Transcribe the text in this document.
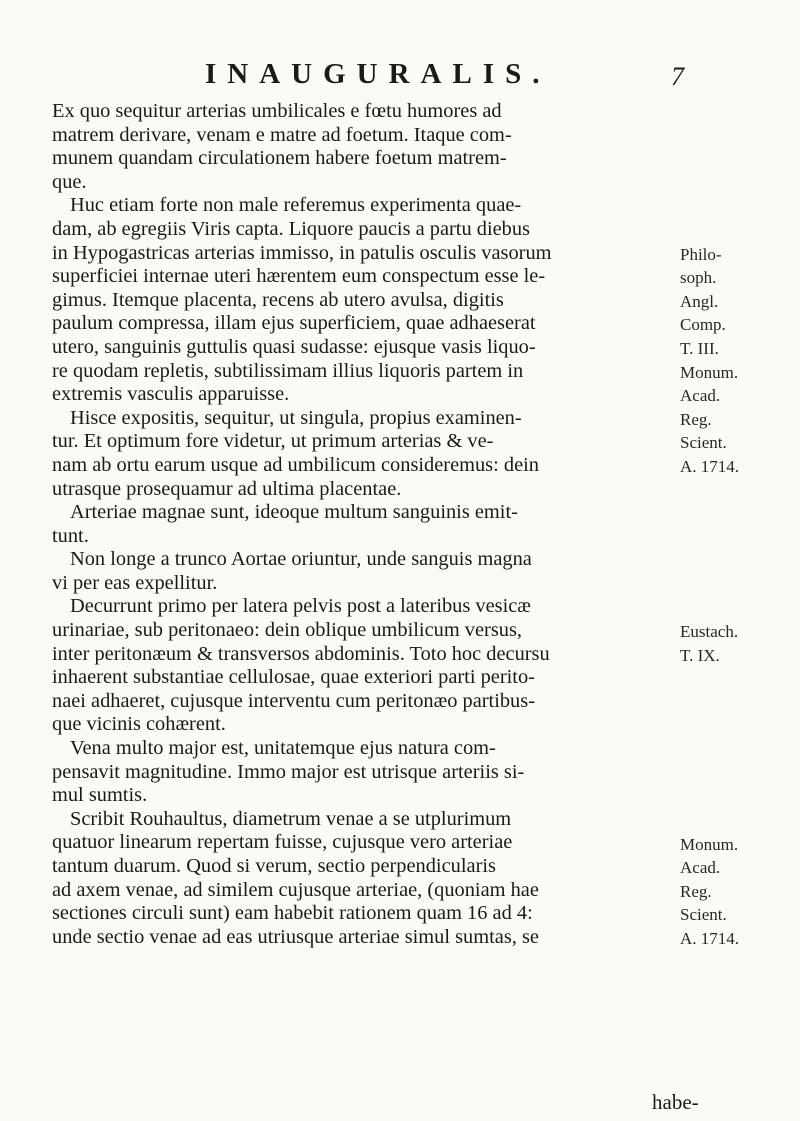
INAUGURALIS.	7
Ex quo sequitur arterias umbilicales e fœtu humores ad
matrem derivare, venam e matre ad foetum. Itaque com-
munem quandam circulationem habere foetum matrem-
que.
Huc etiam forte non male referemus experimenta quae-
dam, ab egregiis Viris capta. Liquore paucis a partu diebus
in Hypogastricas arterias immisso, in patulis osculis vasorum
superficiei internae uteri hærentem eum conspectum esse le-
gimus. Itemque placenta, recens ab utero avulsa, digitis
paulum compressa, illam ejus superficiem, quae adhaeserat
utero, sanguinis guttulis quasi sudasse: ejusque vasis liquo-
re quodam repletis, subtilissimam illius liquoris partem in
extremis vasculis apparuisse.
Hisce expositis, sequitur, ut singula, propius examinen-
tur. Et optimum fore videtur, ut primum arterias & ve-
nam ab ortu earum usque ad umbilicum consideremus: dein
utrasque prosequamur ad ultima placentae.
Arteriae magnae sunt, ideoque multum sanguinis emit-
tunt.
Non longe a trunco Aortae oriuntur, unde sanguis magna
vi per eas expellitur.
Decurrunt primo per latera pelvis post a lateribus vesicæ
urinariae, sub peritonaeo: dein oblique umbilicum versus,
inter peritonæum & transversos abdominis. Toto hoc decursu
inhaerent substantiae cellulosae, quae exteriori parti perito-
naei adhaeret, cujusque interventu cum peritonæo partibus-
que vicinis cohærent.
Vena multo major est, unitatemque ejus natura com-
pensavit magnitudine. Immo major est utrisque arteriis si-
mul sumtis.
Scribit Rouhaultus, diametrum venae a se utplurimum
quatuor linearum repertam fuisse, cujusque vero arteriae
tantum duarum. Quod si verum, sectio perpendicularis
ad axem venae, ad similem cujusque arteriae, (quoniam hae
sectiones circuli sunt) eam habebit rationem quam 16 ad 4:
unde sectio venae ad eas utriusque arteriae simul sumtas, se
Philo-
soph.
Angl.
Comp.
T. III.
Monum.
Acad.
Reg.
Scient.
A. 1714.
Eustach.
T. IX.
Monum.
Acad.
Reg.
Scient.
A. 1714.
habe-
